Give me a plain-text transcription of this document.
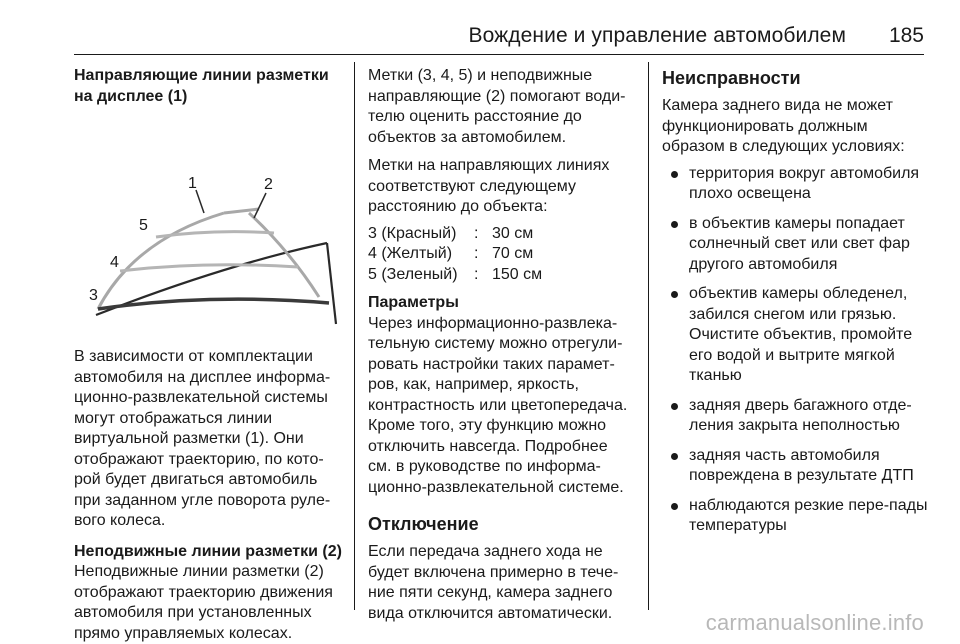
Вождение и управление автомобилем 185

Направляющие линии разметки на дисплее (1)

1	2
3
4
5

В зависимости от комплектации автомобиля на дисплее информа-ционно-развлекательной системы могут отображаться линии виртуальной разметки (1). Они отображают траекторию, по кото-рой будет двигаться автомобиль при заданном угле поворота руле-вого колеса.

Неподвижные линии разметки (2)

Неподвижные линии разметки (2) отображают траекторию движения автомобиля при установленных прямо управляемых колесах.

Метки (3, 4, 5) и неподвижные направляющие (2) помогают води-телю оценить расстояние до объектов за автомобилем.

Метки на направляющих линиях соответствуют следующему расстоянию до объекта:

3 (Красный)	:	30 см
4 (Желтый)	:	70 см
5 (Зеленый)	:	150 см

Параметры

Через информационно-развлека-тельную систему можно отрегули-ровать настройки таких парамет-ров, как, например, яркость, контрастность или цветопередача. Кроме того, эту функцию можно отключить навсегда. Подробнее см. в руководстве по информа-ционно-развлекательной системе.

Отключение

Если передача заднего хода не будет включена примерно в тече-ние пяти секунд, камера заднего вида отключится автоматически.

Неисправности

Камера заднего вида не может функционировать должным образом в следующих условиях:

территория вокруг автомобиля плохо освещена
в объектив камеры попадает солнечный свет или свет фар другого автомобиля
объектив камеры обледенел, забился снегом или грязью. Очистите объектив, промойте его водой и вытрите мягкой тканью
задняя дверь багажного отде-ления закрыта неполностью
задняя часть автомобиля повреждена в результате ДТП
наблюдаются резкие пере-пады температуры
carmanualsonline.info
